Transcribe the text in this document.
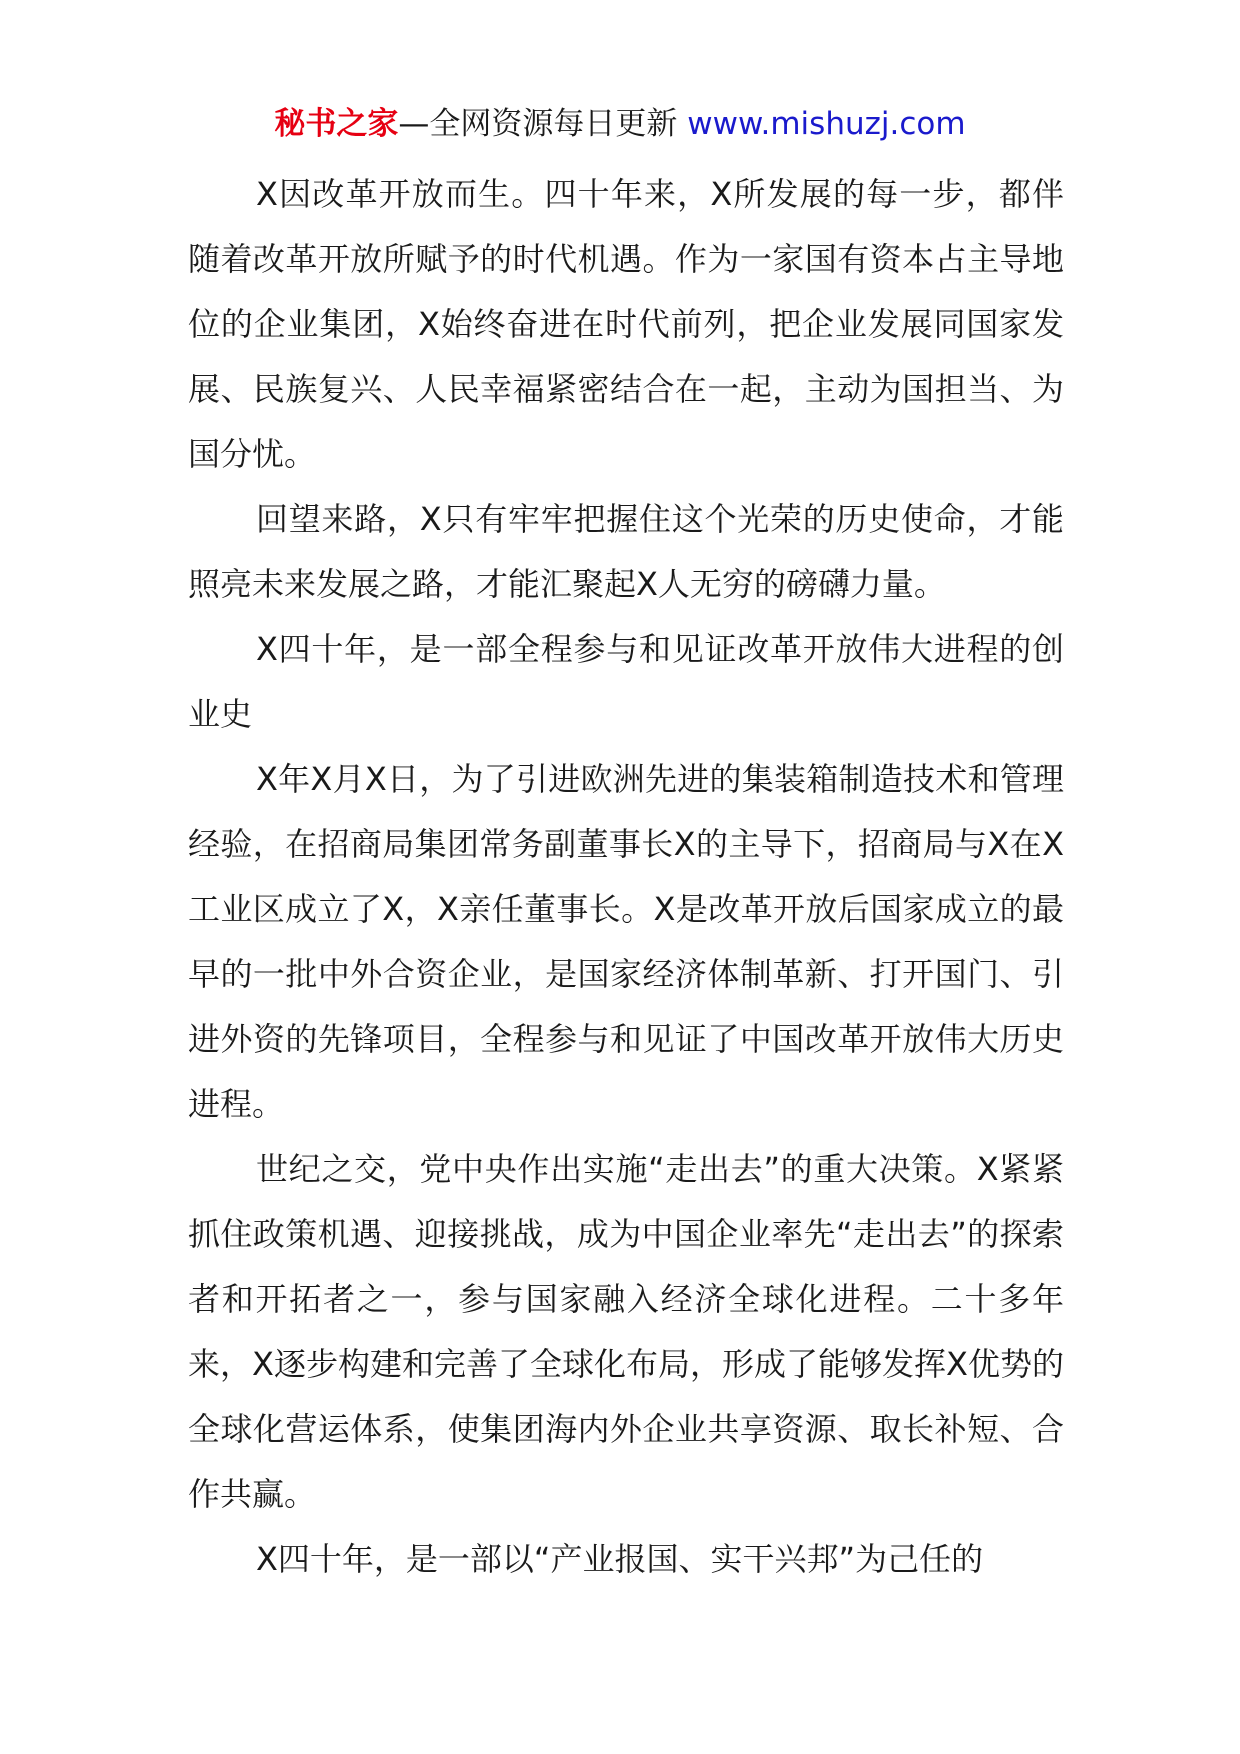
秘书之家—全网资源每日更新 www.mishuzj.com

X因改革开放而生。四十年来，X所发展的每一步，都伴随着改革开放所赋予的时代机遇。作为一家国有资本占主导地位的企业集团，X始终奋进在时代前列，把企业发展同国家发展、民族复兴、人民幸福紧密结合在一起，主动为国担当、为国分忧。

回望来路，X只有牢牢把握住这个光荣的历史使命，才能照亮未来发展之路，才能汇聚起X人无穷的磅礴力量。

X四十年，是一部全程参与和见证改革开放伟大进程的创业史

X年X月X日，为了引进欧洲先进的集装箱制造技术和管理经验，在招商局集团常务副董事长X的主导下，招商局与X在X工业区成立了X，X亲任董事长。X是改革开放后国家成立的最早的一批中外合资企业，是国家经济体制革新、打开国门、引进外资的先锋项目，全程参与和见证了中国改革开放伟大历史进程。

世纪之交，党中央作出实施“走出去”的重大决策。X紧紧抓住政策机遇、迎接挑战，成为中国企业率先“走出去”的探索者和开拓者之一，参与国家融入经济全球化进程。二十多年来，X逐步构建和完善了全球化布局，形成了能够发挥X优势的全球化营运体系，使集团海内外企业共享资源、取长补短、合作共赢。

X四十年，是一部以“产业报国、实干兴邦”为己任的
